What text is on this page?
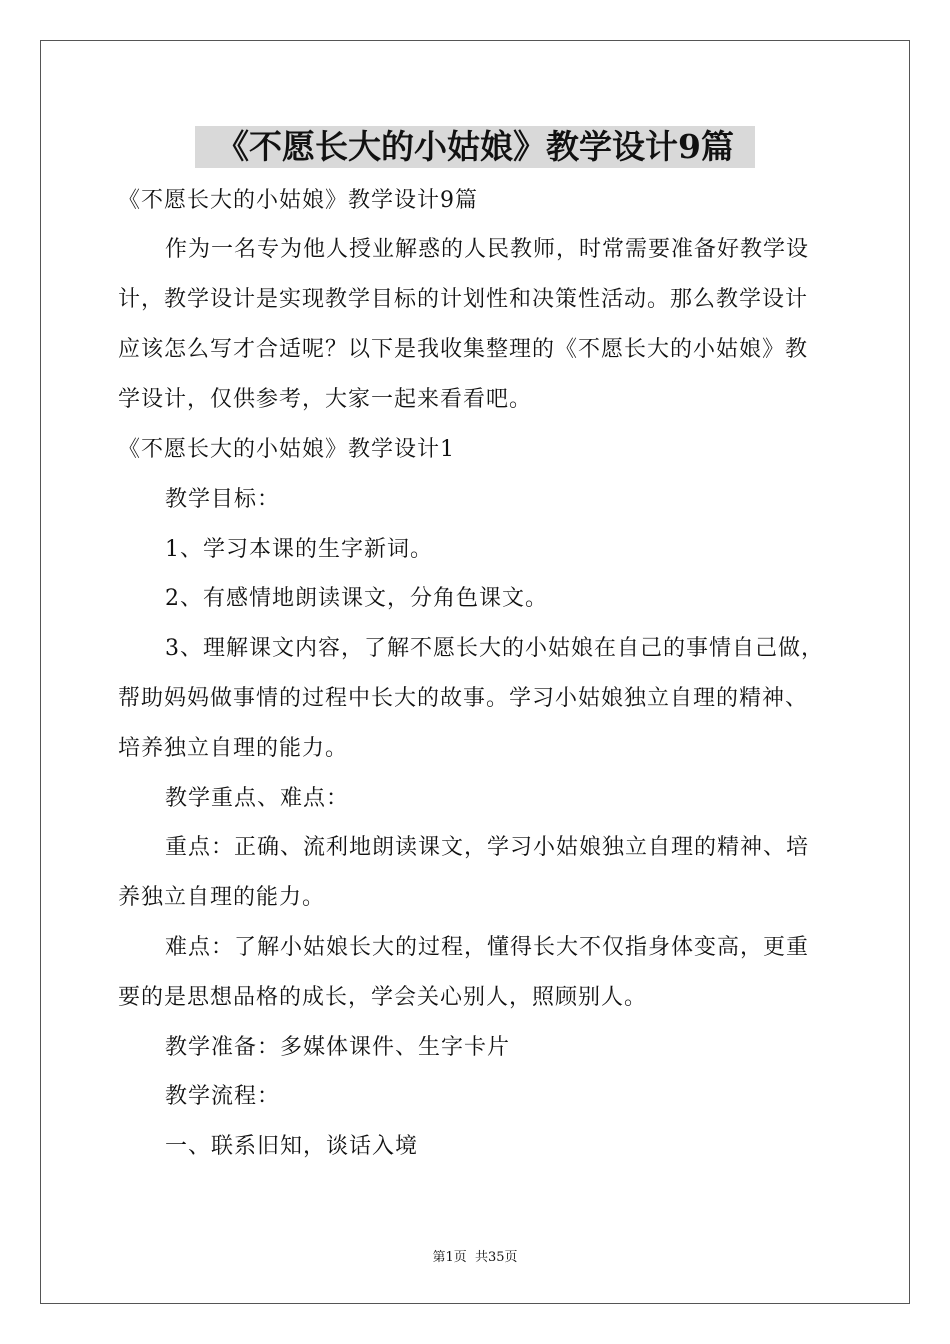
《不愿长大的小姑娘》教学设计9篇
《不愿长大的小姑娘》教学设计9篇
作为一名专为他人授业解惑的人民教师，时常需要准备好教学设
计，教学设计是实现教学目标的计划性和决策性活动。那么教学设计
应该怎么写才合适呢？以下是我收集整理的《不愿长大的小姑娘》教
学设计，仅供参考，大家一起来看看吧。
《不愿长大的小姑娘》教学设计1
教学目标：
1、学习本课的生字新词。
2、有感情地朗读课文，分角色课文。
3、理解课文内容，了解不愿长大的小姑娘在自己的事情自己做，
帮助妈妈做事情的过程中长大的故事。学习小姑娘独立自理的精神、
培养独立自理的能力。
教学重点、难点：
重点：正确、流利地朗读课文，学习小姑娘独立自理的精神、培
养独立自理的能力。
难点：了解小姑娘长大的过程，懂得长大不仅指身体变高，更重
要的是思想品格的成长，学会关心别人，照顾别人。
教学准备：多媒体课件、生字卡片
教学流程：
一、联系旧知，谈话入境
第1页 共35页
